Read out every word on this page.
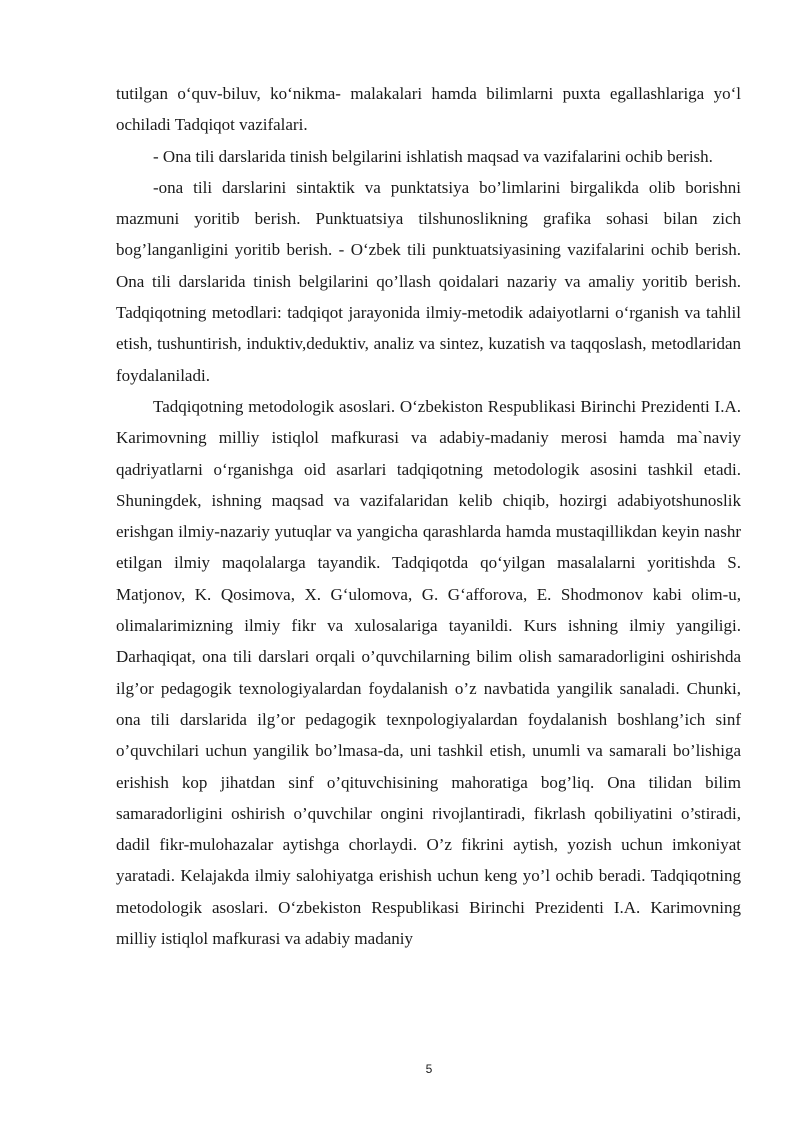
tutilgan o‘quv-biluv, ko‘nikma- malakalari hamda bilimlarni puxta egallashlariga yo‘l ochiladi Tadqiqot vazifalari.

- Ona tili darslarida tinish belgilarini ishlatish maqsad va vazifalarini ochib berish.

-ona tili darslarini sintaktik va punktatsiya bo’limlarini birgalikda olib borishni mazmuni yoritib berish. Punktuatsiya tilshunoslikning grafika sohasi bilan zich bog’langanligini yoritib berish. - O‘zbek tili punktuatsiyasining vazifalarini ochib berish. Ona tili darslarida tinish belgilarini qo’llash qoidalari nazariy va amaliy yoritib berish. Tadqiqotning metodlari: tadqiqot jarayonida ilmiy-metodik adaiyotlarni o‘rganish va tahlil etish, tushuntirish, induktiv,deduktiv, analiz va sintez, kuzatish va taqqoslash, metodlaridan foydalaniladi.

Tadqiqotning metodologik asoslari. O‘zbekiston Respublikasi Birinchi Prezidenti I.A. Karimovning milliy istiqlol mafkurasi va adabiy-madaniy merosi hamda ma`naviy qadriyatlarni o‘rganishga oid asarlari tadqiqotning metodologik asosini tashkil etadi. Shuningdek, ishning maqsad va vazifalaridan kelib chiqib, hozirgi adabiyotshunoslik erishgan ilmiy-nazariy yutuqlar va yangicha qarashlarda hamda mustaqillikdan keyin nashr etilgan ilmiy maqolalarga tayandik. Tadqiqotda qo‘yilgan masalalarni yoritishda S. Matjonov, K. Qosimova, X. G‘ulomova, G. G‘afforova, E. Shodmonov kabi olim-u, olimalarimizning ilmiy fikr va xulosalariga tayanildi. Kurs ishning ilmiy yangiligi. Darhaqiqat, ona tili darslari orqali o’quvchilarning bilim olish samaradorligini oshirishda ilg’or pedagogik texnologiyalardan foydalanish o’z navbatida yangilik sanaladi. Chunki, ona tili darslarida ilg’or pedagogik texnpologiyalardan foydalanish boshlang’ich sinf o’quvchilari uchun yangilik bo’lmasa-da, uni tashkil etish, unumli va samarali bo’lishiga erishish kop jihatdan sinf o’qituvchisining mahoratiga bog’liq. Ona tilidan bilim samaradorligini oshirish o’quvchilar ongini rivojlantiradi, fikrlash qobiliyatini o’stiradi, dadil fikr-mulohazalar aytishga chorlaydi. O’z fikrini aytish, yozish uchun imkoniyat yaratadi. Kelajakda ilmiy salohiyatga erishish uchun keng yo’l ochib beradi. Tadqiqotning metodologik asoslari. O‘zbekiston Respublikasi Birinchi Prezidenti I.A. Karimovning milliy istiqlol mafkurasi va adabiy madaniy

5
